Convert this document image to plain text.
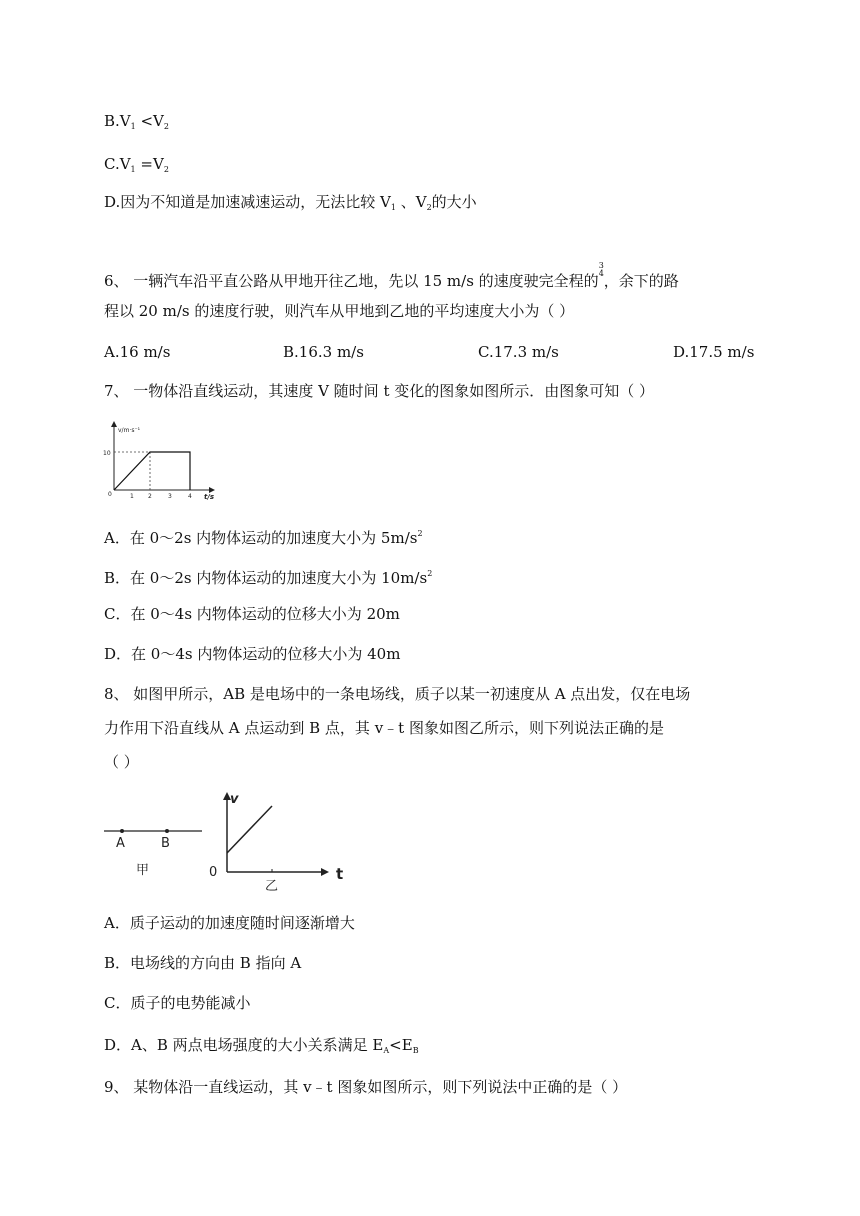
$B.V_1 <V_2$
$C.V_1 =V_2$
D.因为不知道是加速减速运动，无法比较 $V_1$ 、$V_2$的大小
6、 一辆汽车沿平直公路从甲地开往乙地，先以 15 m/s 的速度驶完全程的3
4，余下的路
程以 20 m/s 的速度行驶，则汽车从甲地到乙地的平均速度大小为（ ）
A.16 m/s	B.16.3 m/s	C.17.3 m/s	D.17.5 m/s
7、 一物体沿直线运动，其速度 V 随时间 t 变化的图象如图所示．由图象可知（ ）
v/m·s⁻¹
10
0	1 2	3	4 t/s
A．在 0～2s 内物体运动的加速度大小为 $5m/s^2$
B．在 0～2s 内物体运动的加速度大小为 $10m/s^2$
C．在 0～4s 内物体运动的位移大小为 20m
D．在 0～4s 内物体运动的位移大小为 40m
8、 如图甲所示，AB 是电场中的一条电场线，质子以某一初速度从 A 点出发，仅在电场
力作用下沿直线从 A 点运动到 B 点，其 v﹣t 图象如图乙所示，则下列说法正确的是
（ ）
A	B
甲
v
0	t
乙
A．质子运动的加速度随时间逐渐增大
B．电场线的方向由 B 指向 A
C．质子的电势能减小
D．A、B 两点电场强度的大小关系满足 $E_A<E_B$
9、 某物体沿一直线运动，其 v﹣t 图象如图所示，则下列说法中正确的是（ ）
